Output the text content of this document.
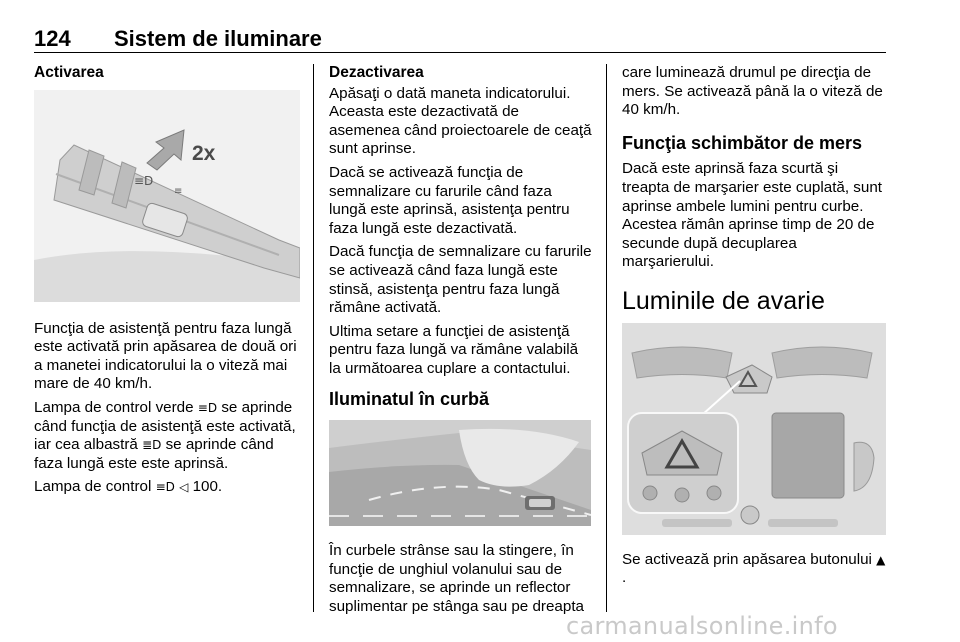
124 Sistem de iluminare
Activarea
≡D
≡
2x

Funcţia de asistenţă pentru faza lungă este activată prin apăsarea de două ori a manetei indicatorului la o viteză mai mare de 40 km/h.

Lampa de control verde ≡D se aprinde când funcţia de asistenţă este activată, iar cea albastră ≣D se aprinde când faza lungă este este aprinsă.

Lampa de control ≡D ◁ 100.

Dezactivarea

Apăsaţi o dată maneta indicatorului. Aceasta este dezactivată de asemenea când proiectoarele de ceaţă sunt aprinse.

Dacă se activează funcţia de semnalizare cu farurile când faza lungă este aprinsă, asistenţa pentru faza lungă este dezactivată.

Dacă funcţia de semnalizare cu farurile se activează când faza lungă este stinsă, asistenţa pentru faza lungă rămâne activată.

Ultima setare a funcţiei de asistenţă pentru faza lungă va rămâne valabilă la următoarea cuplare a contactului.

Iluminatul în curbă

În curbele strânse sau la stingere, în funcţie de unghiul volanului sau de semnalizare, se aprinde un reflector suplimentar pe stânga sau pe dreapta

care luminează drumul pe direcţia de mers. Se activează până la o viteză de 40 km/h.

Funcţia schimbător de mers

Dacă este aprinsă faza scurtă şi treapta de marşarier este cuplată, sunt aprinse ambele lumini pentru curbe. Acestea rămân aprinse timp de 20 de secunde după decuplarea marşarierului.

Luminile de avarie

Se activează prin apăsarea butonului ▲.

carmanualsonline.info
